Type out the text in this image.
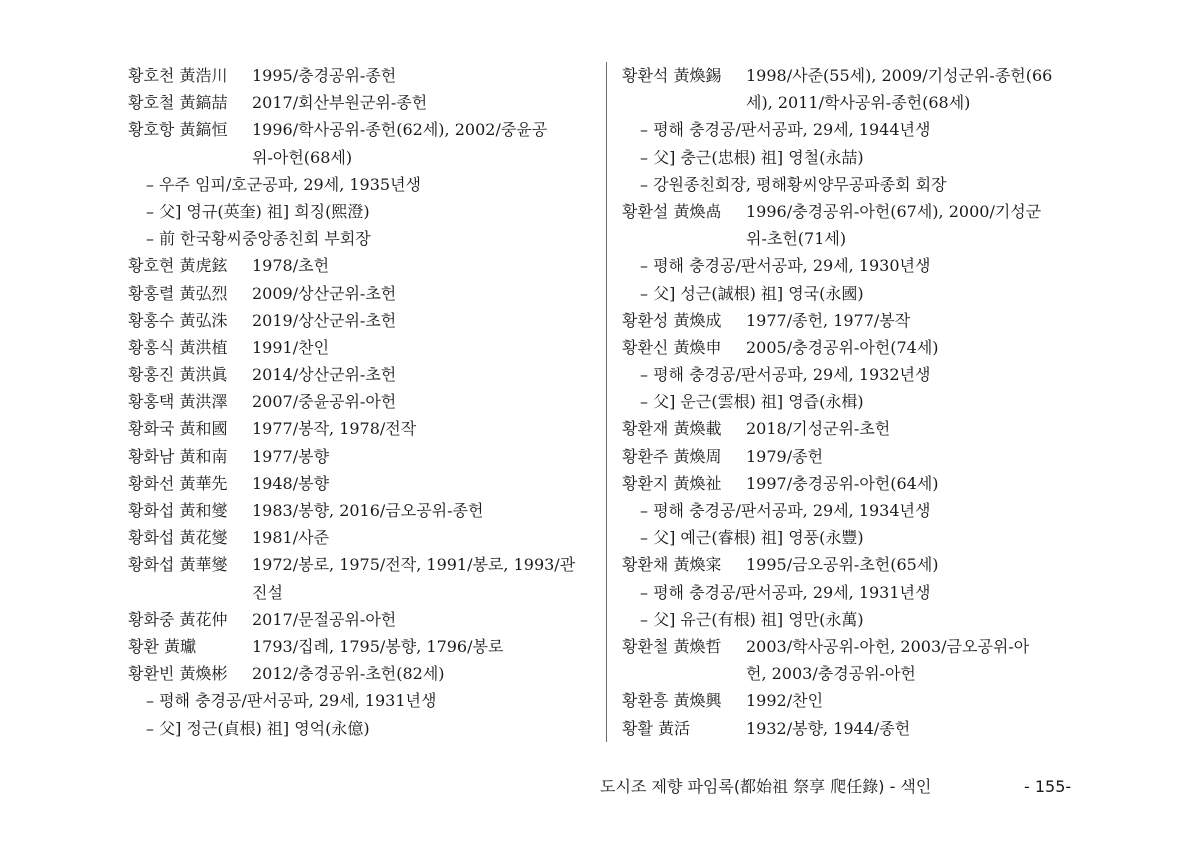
황호천 黃浩川 1995/충경공위-종헌
황호철 黃鎬喆 2017/회산부원군위-종헌
황호항 黃鎬恒 1996/학사공위-종헌(62세), 2002/중윤공
위-아헌(68세)
– 우주 임피/호군공파, 29세, 1935년생
– 父] 영규(英奎) 祖] 희징(熙澄)
– 前 한국황씨중앙종친회 부회장
황호현 黃虎鉉 1978/초헌
황홍렬 黃弘烈 2009/상산군위-초헌
황홍수 黃弘洙 2019/상산군위-초헌
황홍식 黃洪植 1991/찬인
황홍진 黃洪眞 2014/상산군위-초헌
황홍택 黃洪澤 2007/중윤공위-아헌
황화국 黃和國 1977/봉작, 1978/전작
황화남 黃和南 1977/봉향
황화선 黃華先 1948/봉향
황화섭 黃和燮 1983/봉향, 2016/금오공위-종헌
황화섭 黃花燮 1981/사준
황화섭 黃華燮 1972/봉로, 1975/전작, 1991/봉로, 1993/관
진설
황화중 黃花仲 2017/문절공위-아헌
황환 黃瓛	1793/집례, 1795/봉향, 1796/봉로
황환빈 黃煥彬 2012/충경공위-초헌(82세)
– 평해 충경공/판서공파, 29세, 1931년생
– 父] 정근(貞根) 祖] 영억(永億)
황환석 黃煥錫 1998/사준(55세), 2009/기성군위-종헌(66
세), 2011/학사공위-종헌(68세)
– 평해 충경공/판서공파, 29세, 1944년생
– 父] 충근(忠根) 祖] 영철(永喆)
– 강원종친회장, 평해황씨양무공파종회 회장
황환설 黃煥卨 1996/충경공위-아헌(67세), 2000/기성군
위-초헌(71세)
– 평해 충경공/판서공파, 29세, 1930년생
– 父] 성근(誠根) 祖] 영국(永國)
황환성 黃煥成 1977/종헌, 1977/봉작
황환신 黃煥申 2005/충경공위-아헌(74세)
– 평해 충경공/판서공파, 29세, 1932년생
– 父] 운근(雲根) 祖] 영즙(永楫)
황환재 黃煥載 2018/기성군위-초헌
황환주 黃煥周 1979/종헌
황환지 黃煥祉 1997/충경공위-아헌(64세)
– 평해 충경공/판서공파, 29세, 1934년생
– 父] 예근(睿根) 祖] 영풍(永豐)
황환채 黃煥寀 1995/금오공위-초헌(65세)
– 평해 충경공/판서공파, 29세, 1931년생
– 父] 유근(有根) 祖] 영만(永萬)
황환철 黃煥哲 2003/학사공위-아헌, 2003/금오공위-아
헌, 2003/충경공위-아헌
황환흥 黃煥興 1992/찬인
황활 黃活	1932/봉향, 1944/종헌
도시조 제향 파임록(都始祖 祭享 爬任錄) - 색인	- 155-
